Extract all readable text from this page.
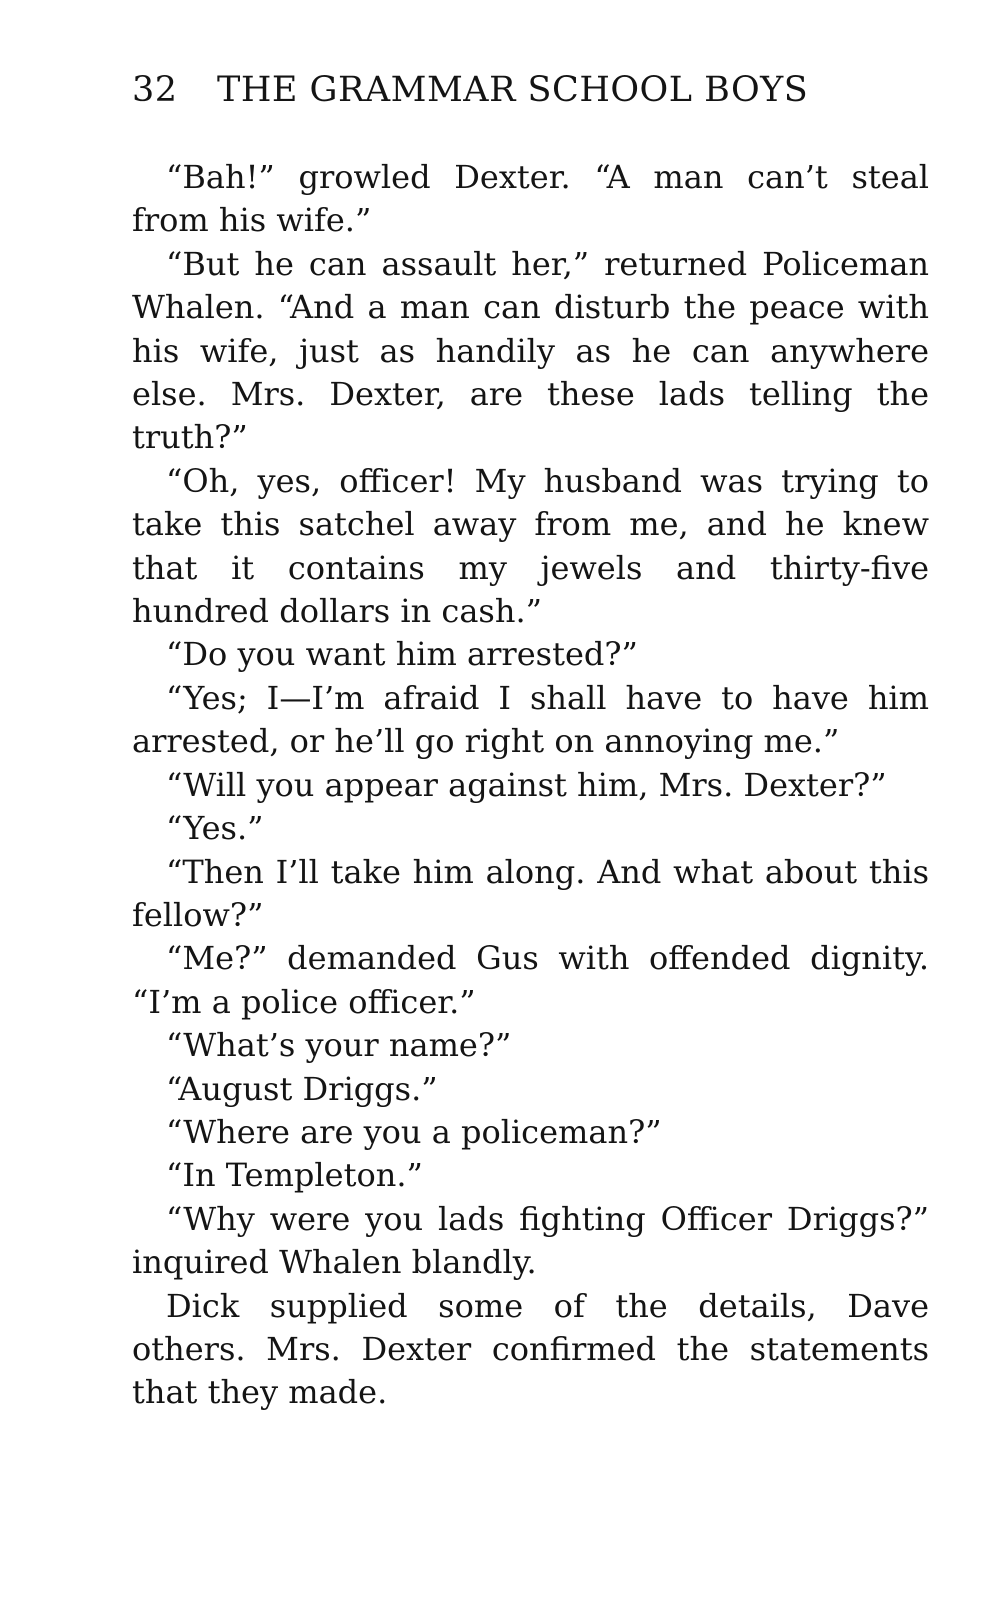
32	THE GRAMMAR SCHOOL BOYS

“Bah!” growled Dexter. “A man can’t steal from his wife.”

“But he can assault her,” returned Policeman Whalen. “And a man can disturb the peace with his wife, just as handily as he can anywhere else. Mrs. Dexter, are these lads telling the truth?”

“Oh, yes, officer! My husband was trying to take this satchel away from me, and he knew that it contains my jewels and thirty-five hundred dollars in cash.”

“Do you want him arrested?”

“Yes; I—I’m afraid I shall have to have him arrested, or he’ll go right on annoying me.”

“Will you appear against him, Mrs. Dexter?”

“Yes.”

“Then I’ll take him along. And what about this fellow?”

“Me?” demanded Gus with offended dignity. “I’m a police officer.”

“What’s your name?”

“August Driggs.”

“Where are you a policeman?”

“In Templeton.”

“Why were you lads fighting Officer Driggs?” inquired Whalen blandly.

Dick supplied some of the details, Dave others. Mrs. Dexter confirmed the statements that they made.
